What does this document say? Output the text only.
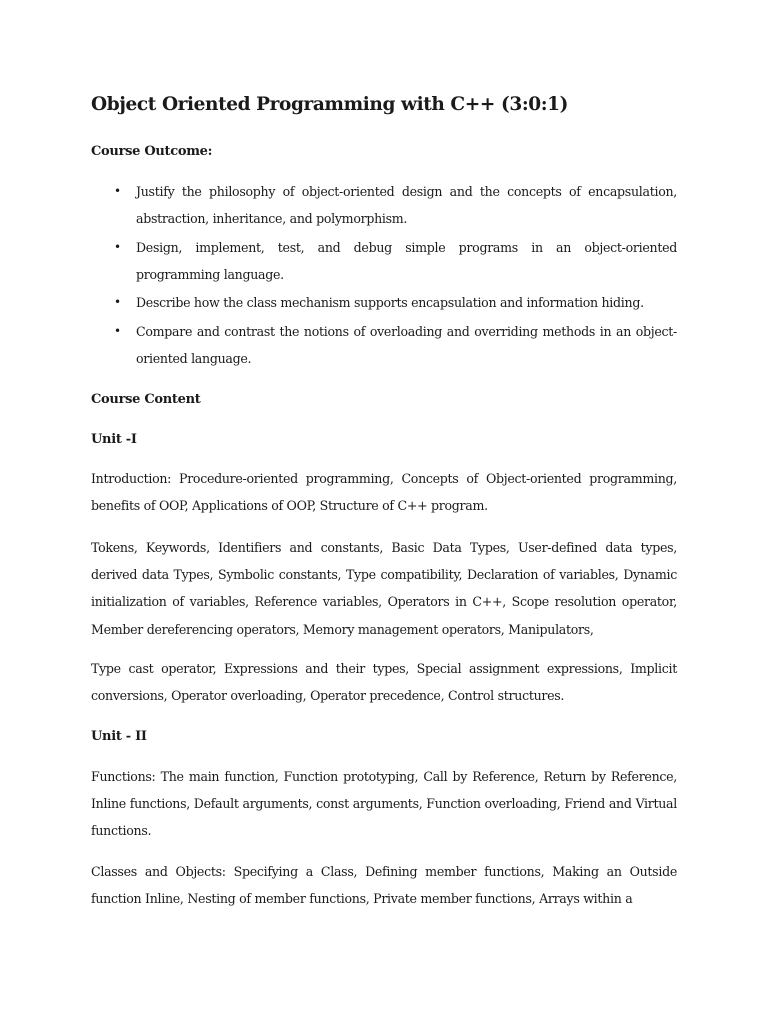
Object Oriented Programming with C++ (3:0:1)
Course Outcome:
• Justify the philosophy of object-oriented design and the concepts of encapsulation, abstraction, inheritance, and polymorphism.

• Design, implement, test, and debug simple programs in an object-oriented programming language.

• Describe how the class mechanism supports encapsulation and information hiding.

• Compare and contrast the notions of overloading and overriding methods in an object-oriented language.

Course Content
Unit -I

Introduction: Procedure-oriented programming, Concepts of Object-oriented programming, benefits of OOP, Applications of OOP, Structure of C++ program.

Tokens, Keywords, Identifiers and constants, Basic Data Types, User-defined data types, derived data Types, Symbolic constants, Type compatibility, Declaration of variables, Dynamic initialization of variables, Reference variables, Operators in C++, Scope resolution operator, Member dereferencing operators, Memory management operators, Manipulators,

Type cast operator, Expressions and their types, Special assignment expressions, Implicit conversions, Operator overloading, Operator precedence, Control structures.

Unit - II

Functions: The main function, Function prototyping, Call by Reference, Return by Reference, Inline functions, Default arguments, const arguments, Function overloading, Friend and Virtual functions.

Classes and Objects: Specifying a Class, Defining member functions, Making an Outside function Inline, Nesting of member functions, Private member functions, Arrays within a
